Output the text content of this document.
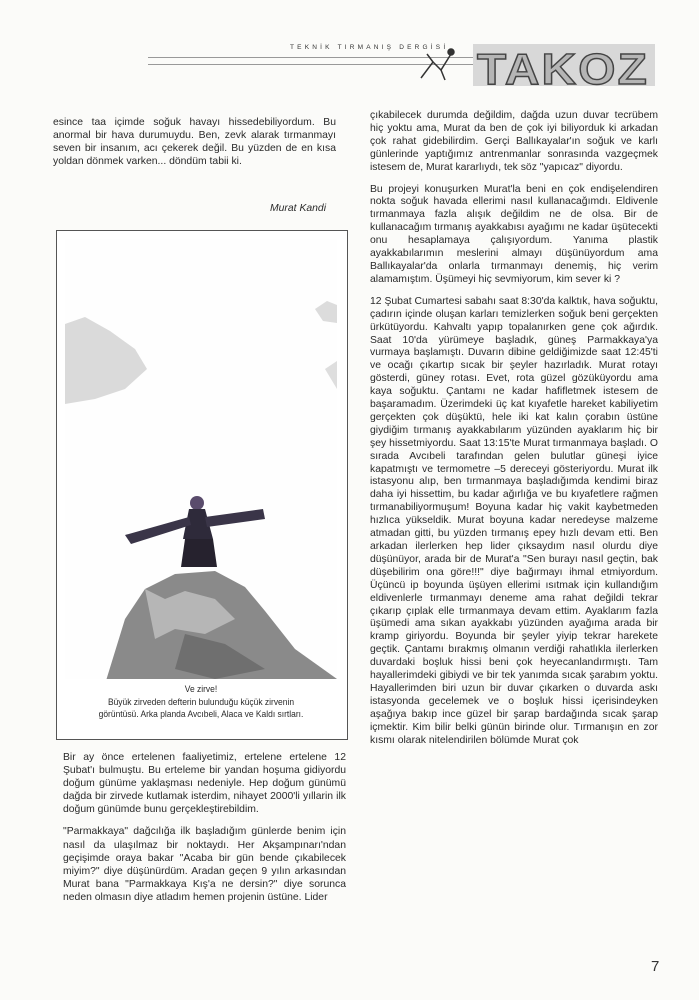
TEKNİK TIRMANIŞ DERGİSİ TAKOZ

esince taa içimde soğuk havayı hissedebiliyordum. Bu anormal bir hava durumuydu. Ben, zevk alarak tırmanmayı seven bir insanım, acı çekerek değil. Bu yüzden de en kısa yoldan dönmek varken... döndüm tabii ki.

Murat Kandi
Ve zirve!
Büyük zirveden defterin bulunduğu küçük zirvenin
görüntüsü. Arka planda Avcıbeli, Alaca ve Kaldı sırtları.

Bir ay önce ertelenen faaliyetimiz, ertelene ertelene 12 Şubat'ı bulmuştu. Bu erteleme bir yandan hoşuma gidiyordu doğum günüme yaklaşması nedeniyle. Hep doğum günümü dağda bir zirvede kutlamak isterdim, nihayet 2000'li yıllarin ilk doğum günümde bunu gerçekleştirebildim.

"Parmakkaya" dağcılığa ilk başladığım günlerde benim için nasıl da ulaşılmaz bir noktaydı. Her Akşampınarı'ndan geçişimde oraya bakar "Acaba bir gün bende çıkabilecek miyim?" diye düşünürdüm. Aradan geçen 9 yılın arkasından Murat bana "Parmakkaya Kış'a ne dersin?" diye sorunca neden olmasın diye atladım hemen projenin üstüne. Lider

çıkabilecek durumda değildim, dağda uzun duvar tecrübem hiç yoktu ama, Murat da ben de çok iyi biliyorduk ki arkadan çok rahat gidebilirdim. Gerçi Ballıkayalar'ın soğuk ve karlı günlerinde yaptığımız antrenmanlar sonrasında vazgeçmek istesem de, Murat kararlıydı, tek söz "yapıcaz" diyordu.

Bu projeyi konuşurken Murat'la beni en çok endişelendiren nokta soğuk havada ellerimi nasıl kullanacağımdı. Eldivenle tırmanmaya fazla alışık değildim ne de olsa. Bir de kullanacağım tırmanış ayakkabısı ayağımı ne kadar üşütecekti onu hesaplamaya çalışıyordum. Yanıma plastik ayakkabılarımın meslerini almayı düşünüyordum ama Ballıkayalar'da onlarla tırmanmayı denemiş, hiç verim alamamıştım. Üşümeyi hiç sevmiyorum, kim sever ki ?

12 Şubat Cumartesi sabahı saat 8:30'da kalktık, hava soğuktu, çadırın içinde oluşan karları temizlerken soğuk beni gerçekten ürkütüyordu. Kahvaltı yapıp topalanırken gene çok ağırdık. Saat 10'da yürümeye başladık, güneş Parmakkaya'ya vurmaya başlamıştı. Duvarın dibine geldiğimizde saat 12:45'ti ve ocağı çıkartıp sıcak bir şeyler hazırladık. Murat rotayı gösterdi, güney rotası. Evet, rota güzel gözüküyordu ama kaya soğuktu. Çantamı ne kadar hafifletmek istesem de başaramadım. Üzerimdeki üç kat kıyafetle hareket kabiliyetim gerçekten çok düşüktü, hele iki kat kalın çorabın üstüne giydiğim tırmanış ayakkabılarım yüzünden ayaklarım hiç bir şey hissetmiyordu. Saat 13:15'te Murat tırmanmaya başladı. O sırada Avcıbeli tarafından gelen bulutlar güneşi iyice kapatmıştı ve termometre –5 dereceyi gösteriyordu. Murat ilk istasyonu alıp, ben tırmanmaya başladığımda kendimi biraz daha iyi hissettim, bu kadar ağırlığa ve bu kıyafetlere rağmen tırmanabiliyormuşum! Boyuna kadar hiç vakit kaybetmeden hızlıca yükseldik. Murat boyuna kadar neredeyse malzeme atmadan gitti, bu yüzden tırmanış epey hızlı devam etti. Ben arkadan ilerlerken hep lider çıksaydım nasıl olurdu diye düşünüyor, arada bir de Murat'a "Sen burayı nasıl geçtin, bak düşebilirim ona göre!!!" diye bağırmayı ihmal etmiyordum. Üçüncü ip boyunda üşüyen ellerimi ısıtmak için kullandığım eldivenlerle tırmanmayı deneme ama rahat değildi tekrar çıkarıp çıplak elle tırmanmaya devam ettim. Ayaklarım fazla üşümedi ama sıkan ayakkabı yüzünden ayağıma arada bir kramp giriyordu. Boyunda bir şeyler yiyip tekrar harekete geçtik. Çantamı bırakmış olmanın verdiği rahatlıkla ilerlerken duvardaki boşluk hissi beni çok heyecanlandırmıştı. Tam hayallerimdeki gibiydi ve bir tek yanımda sıcak şarabım yoktu. Hayallerimden biri uzun bir duvar çıkarken o duvarda askı istasyonda gecelemek ve o boşluk hissi içerisindeyken aşağıya bakıp ince güzel bir şarap bardağında sıcak şarap içmektir. Kim bilir belki günün birinde olur. Tırmanışın en zor kısmı olarak nitelendirilen bölümde Murat çok

7
